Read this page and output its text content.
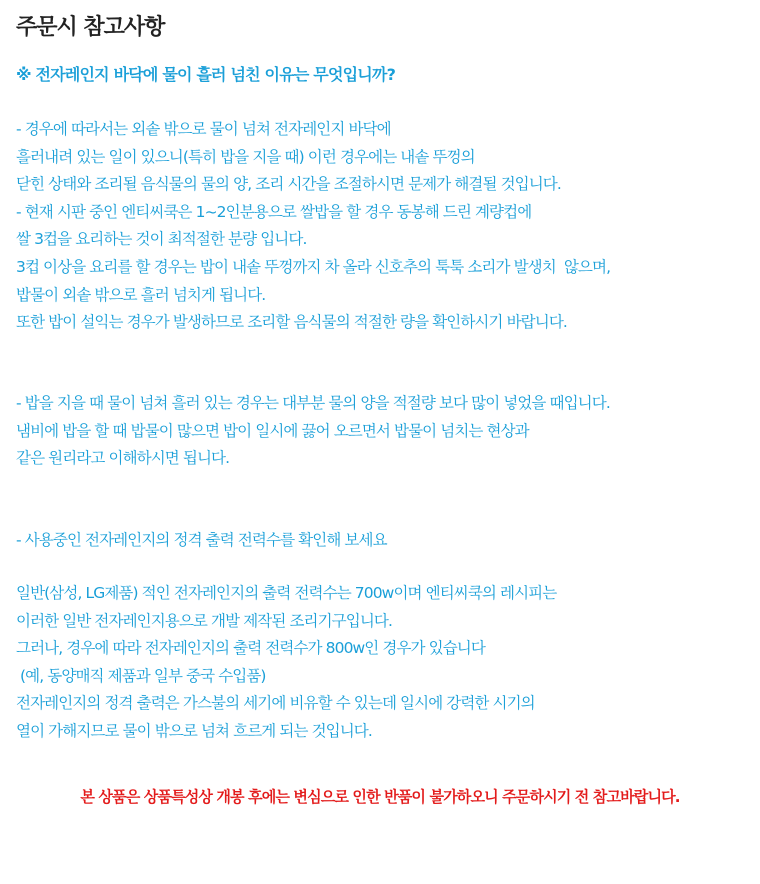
주문시 참고사항
※ 전자레인지 바닥에 물이 흘러 넘친 이유는 무엇입니까?
- 경우에 따라서는 외솥 밖으로 물이 넘쳐 전자레인지 바닥에
흘러내려 있는 일이 있으니(특히 밥을 지을 때) 이런 경우에는 내솥 뚜껑의
닫힌 상태와 조리될 음식물의 물의 양, 조리 시간을 조절하시면 문제가 해결될 것입니다.
- 현재 시판 중인 엔티씨쿡은 1~2인분용으로 쌀밥을 할 경우 동봉해 드린 계량컵에
쌀 3컵을 요리하는 것이 최적절한 분량 입니다.
3컵 이상을 요리를 할 경우는 밥이 내솥 뚜껑까지 차 올라 신호추의 툭툭 소리가 발생치  않으며,
밥물이 외솥 밖으로 흘러 넘치게 됩니다.
또한 밥이 설익는 경우가 발생하므로 조리할 음식물의 적절한 량을 확인하시기 바랍니다.
- 밥을 지을 때 물이 넘쳐 흘러 있는 경우는 대부분 물의 양을 적절량 보다 많이 넣었을 때입니다.
냄비에 밥을 할 때 밥물이 많으면 밥이 일시에 끓어 오르면서 밥물이 넘치는 현상과
같은 원리라고 이해하시면 됩니다.
- 사용중인 전자레인지의 정격 출력 전력수를 확인해 보세요
일반(삼성, LG제품) 적인 전자레인지의 출력 전력수는 700w이며 엔티씨쿡의 레시피는
이러한 일반 전자레인지용으로 개발 제작된 조리기구입니다.
그러나, 경우에 따라 전자레인지의 출력 전력수가 800w인 경우가 있습니다
(예, 동양매직 제품과 일부 중국 수입품)
전자레인지의 정격 출력은 가스불의 세기에 비유할 수 있는데 일시에 강력한 시기의
열이 가해지므로 물이 밖으로 넘쳐 흐르게 되는 것입니다.
본 상품은 상품특성상 개봉 후에는 변심으로 인한 반품이 불가하오니 주문하시기 전 참고바랍니다.
